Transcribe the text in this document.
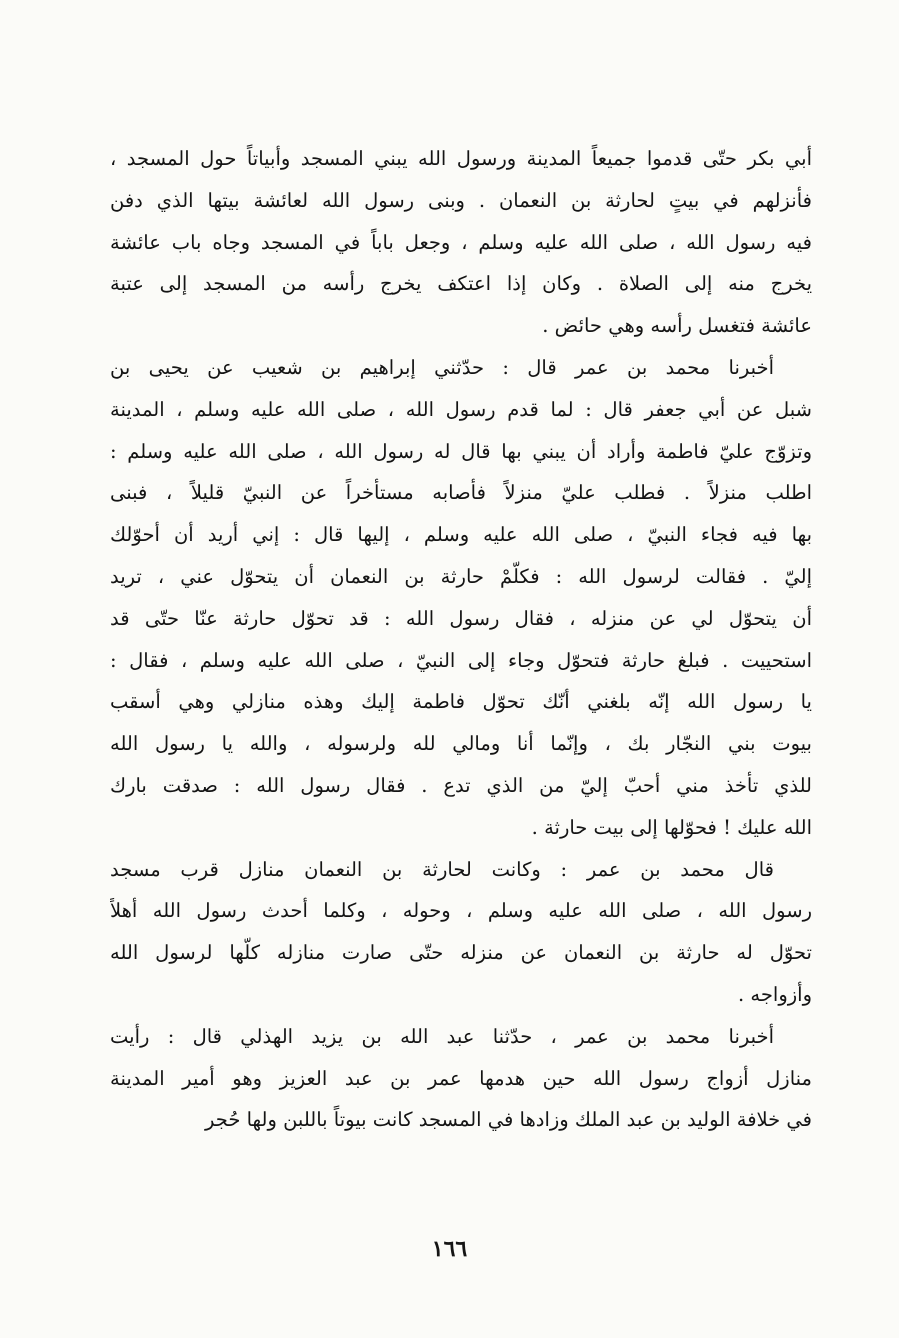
أبي بكر حتّى قدموا جميعاً المدينة ورسول الله يبني المسجد وأبياتاً حول المسجد ،
فأنزلهم في بيتٍ لحارثة بن النعمان . وبنى رسول الله لعائشة بيتها الذي دفن
فيه رسول الله ، صلى الله عليه وسلم ، وجعل باباً في المسجد وجاه باب عائشة
يخرج منه إلى الصلاة . وكان إذا اعتكف يخرج رأسه من المسجد إلى عتبة
عائشة فتغسل رأسه وهي حائض .
أخبرنا محمد بن عمر قال : حدّثني إبراهيم بن شعيب عن يحيى بن
شبل عن أبي جعفر قال : لما قدم رسول الله ، صلى الله عليه وسلم ، المدينة
وتزوّج عليّ فاطمة وأراد أن يبني بها قال له رسول الله ، صلى الله عليه وسلم :
اطلب منزلاً . فطلب عليّ منزلاً فأصابه مستأخراً عن النبيّ قليلاً ، فبنى
بها فيه فجاء النبيّ ، صلى الله عليه وسلم ، إليها قال : إني أريد أن أحوّلك
إليّ . فقالت لرسول الله : فكلّمْ حارثة بن النعمان أن يتحوّل عني ، تريد
أن يتحوّل لي عن منزله ، فقال رسول الله : قد تحوّل حارثة عنّا حتّى قد
استحييت . فبلغ حارثة فتحوّل وجاء إلى النبيّ ، صلى الله عليه وسلم ، فقال :
يا رسول الله إنّه بلغني أنّك تحوّل فاطمة إليك وهذه منازلي وهي أسقب
بيوت بني النجّار بك ، وإنّما أنا ومالي لله ولرسوله ، والله يا رسول الله
للذي تأخذ مني أحبّ إليّ من الذي تدع . فقال رسول الله : صدقت بارك
الله عليك ! فحوّلها إلى بيت حارثة .
قال محمد بن عمر : وكانت لحارثة بن النعمان منازل قرب مسجد
رسول الله ، صلى الله عليه وسلم ، وحوله ، وكلما أحدث رسول الله أهلاً
تحوّل له حارثة بن النعمان عن منزله حتّى صارت منازله كلّها لرسول الله
وأزواجه .
أخبرنا محمد بن عمر ، حدّثنا عبد الله بن يزيد الهذلي قال : رأيت
منازل أزواج رسول الله حين هدمها عمر بن عبد العزيز وهو أمير المدينة
في خلافة الوليد بن عبد الملك وزادها في المسجد كانت بيوتاً باللبن ولها حُجر
١٦٦
